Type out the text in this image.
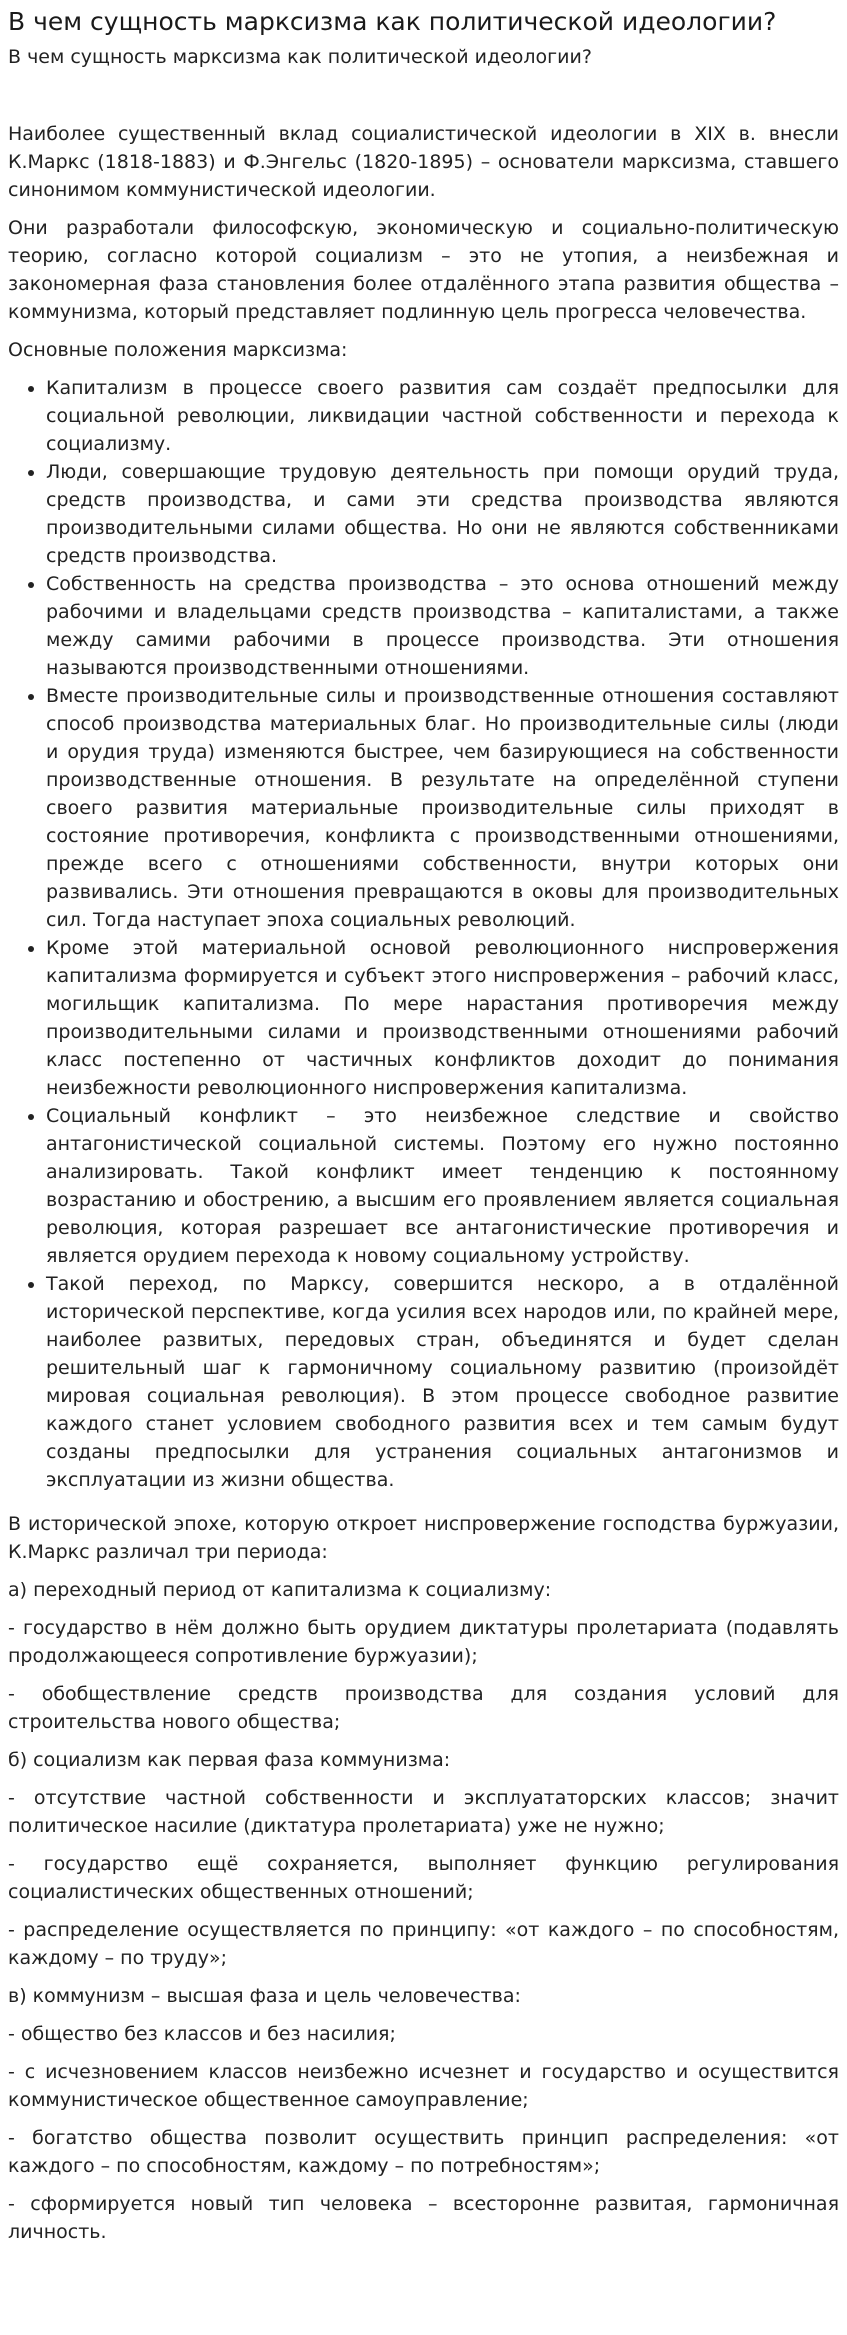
В чем сущность марксизма как политической идеологии?
В чем сущность марксизма как политической идеологии?

Наиболее существенный вклад социалистической идеологии в XIX в. внесли К.Маркс (1818-1883) и Ф.Энгельс (1820-1895) – основатели марксизма, ставшего синонимом коммунистической идеологии.

Они разработали философскую, экономическую и социально-политическую теорию, согласно которой социализм – это не утопия, а неизбежная и закономерная фаза становления более отдалённого этапа развития общества – коммунизма, который представляет подлинную цель прогресса человечества.

Основные положения марксизма:

• Капитализм в процессе своего развития сам создаёт предпосылки для социальной революции, ликвидации частной собственности и перехода к социализму.
• Люди, совершающие трудовую деятельность при помощи орудий труда, средств производства, и сами эти средства производства являются производительными силами общества. Но они не являются собственниками средств производства.
• Собственность на средства производства – это основа отношений между рабочими и владельцами средств производства – капиталистами, а также между самими рабочими в процессе производства. Эти отношения называются производственными отношениями.
• Вместе производительные силы и производственные отношения составляют способ производства материальных благ. Но производительные силы (люди и орудия труда) изменяются быстрее, чем базирующиеся на собственности производственные отношения. В результате на определённой ступени своего развития материальные производительные силы приходят в состояние противоречия, конфликта с производственными отношениями, прежде всего с отношениями собственности, внутри которых они развивались. Эти отношения превращаются в оковы для производительных сил. Тогда наступает эпоха социальных революций.
• Кроме этой материальной основой революционного ниспровержения капитализма формируется и субъект этого ниспровержения – рабочий класс, могильщик капитализма. По мере нарастания противоречия между производительными силами и производственными отношениями рабочий класс постепенно от частичных конфликтов доходит до понимания неизбежности революционного ниспровержения капитализма.
• Социальный конфликт – это неизбежное следствие и свойство антагонистической социальной системы. Поэтому его нужно постоянно анализировать. Такой конфликт имеет тенденцию к постоянному возрастанию и обострению, а высшим его проявлением является социальная революция, которая разрешает все антагонистические противоречия и является орудием перехода к новому социальному устройству.
• Такой переход, по Марксу, совершится нескоро, а в отдалённой исторической перспективе, когда усилия всех народов или, по крайней мере, наиболее развитых, передовых стран, объединятся и будет сделан решительный шаг к гармоничному социальному развитию (произойдёт мировая социальная революция). В этом процессе свободное развитие каждого станет условием свободного развития всех и тем самым будут созданы предпосылки для устранения социальных антагонизмов и эксплуатации из жизни общества.

В исторической эпохе, которую откроет ниспровержение господства буржуазии, К.Маркс различал три периода:

а) переходный период от капитализма к социализму:

- государство в нём должно быть орудием диктатуры пролетариата (подавлять продолжающееся сопротивление буржуазии);

- обобществление средств производства для создания условий для строительства нового общества;

б) социализм как первая фаза коммунизма:

- отсутствие частной собственности и эксплуататорских классов; значит политическое насилие (диктатура пролетариата) уже не нужно;

- государство ещё сохраняется, выполняет функцию регулирования социалистических общественных отношений;

- распределение осуществляется по принципу: «от каждого – по способностям, каждому – по труду»;

в) коммунизм – высшая фаза и цель человечества:

- общество без классов и без насилия;

- с исчезновением классов неизбежно исчезнет и государство и осуществится коммунистическое общественное самоуправление;

- богатство общества позволит осуществить принцип распределения: «от каждого – по способностям, каждому – по потребностям»;

- сформируется новый тип человека – всесторонне развитая, гармоничная личность.
